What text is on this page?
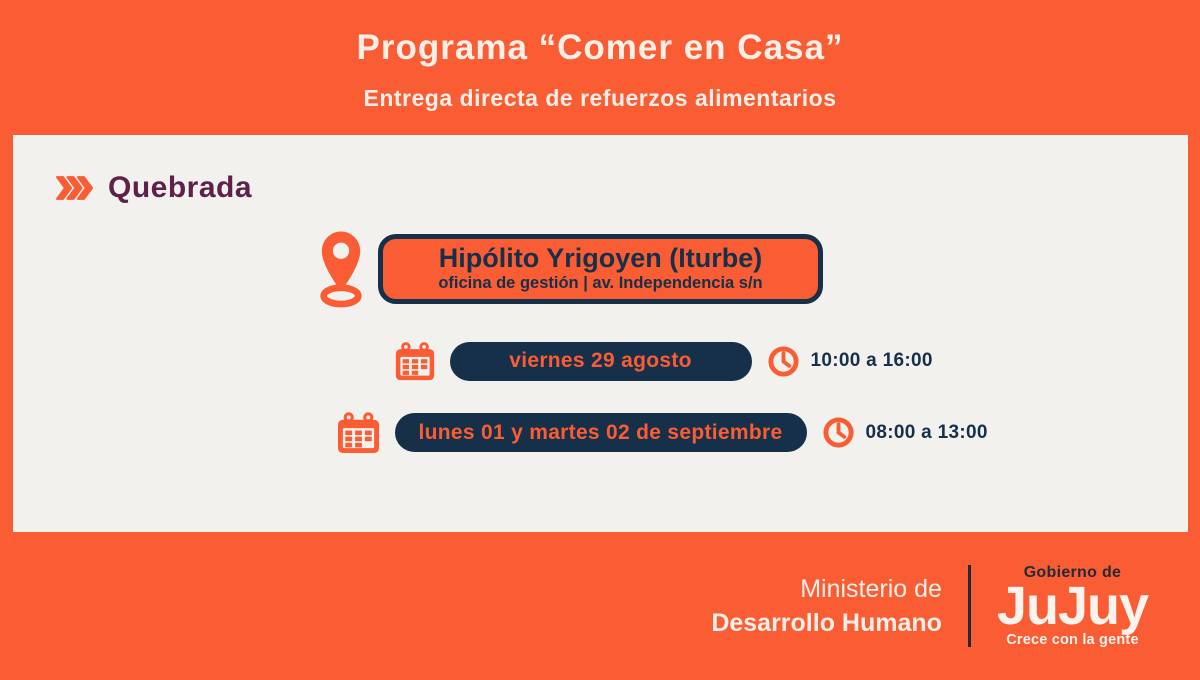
Programa “Comer en Casa”
Entrega directa de refuerzos alimentarios
Quebrada
Hipólito Yrigoyen (Iturbe)
oficina de gestión | av. Independencia s/n
viernes 29 agosto	10:00 a 16:00
lunes 01 y martes 02 de septiembre	08:00 a 13:00
Ministerio de
Desarrollo Humano
Gobierno de
JuJuy
Crece con la gente
